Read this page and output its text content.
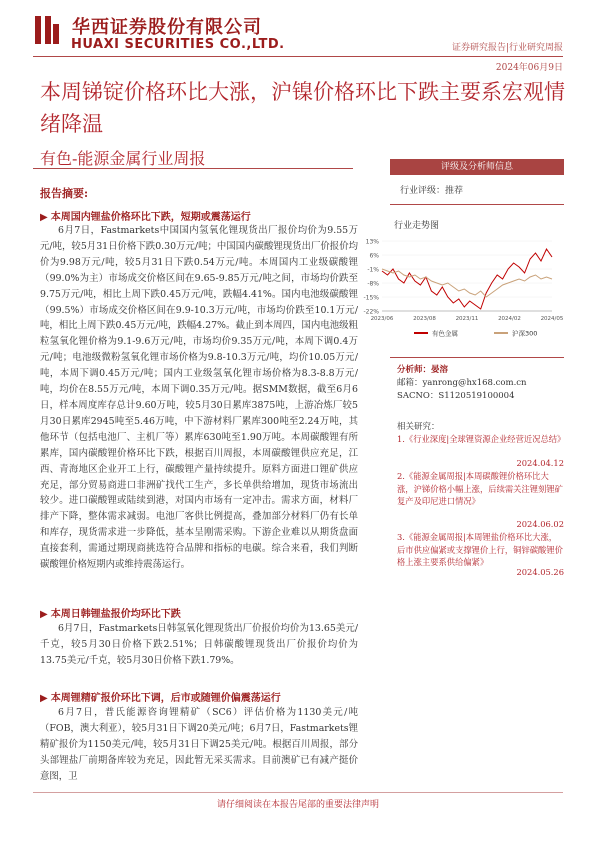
华西证券股份有限公司
HUAXI SECURITIES CO.,LTD.	证券研究报告|行业研究周报
2024年06月9日
本周锑锭价格环比大涨，沪镍价格环比下跌主要系宏观情绪降温
有色-能源金属行业周报
报告摘要:
▶ 本周国内锂盐价格环比下跌，短期或震荡运行
6月7日，Fastmarkets中国国内氢氧化锂现货出厂报价均价为9.55万元/吨，较5月31日价格下跌0.30万元/吨；中国国内碳酸锂现货出厂价报价均价为9.98万元/吨，较5月31日下跌0.54万元/吨。本周国内工业级碳酸锂（99.0%为主）市场成交价格区间在9.65-9.85万元/吨之间，市场均价跌至9.75万元/吨，相比上周下跌0.45万元/吨，跌幅4.41%。国内电池级碳酸锂（99.5%）市场成交价格区间在9.9-10.3万元/吨，市场均价跌至10.1万元/吨，相比上周下跌0.45万元/吨，跌幅4.27%。截止到本周四，国内电池级粗粒氢氧化锂价格为9.1-9.6万元/吨，市场均价9.35万元/吨，本周下调0.4万元/吨；电池级微粉氢氧化锂市场价格为9.8-10.3万元/吨，均价10.05万元/吨，本周下调0.45万元/吨；国内工业级氢氧化锂市场价格为8.3-8.8万元/吨，均价在8.55万元/吨，本周下调0.35万元/吨。据SMM数据，截至6月6日，样本周度库存总计9.60万吨，较5月30日累库3875吨，上游冶炼厂较5月30日累库2945吨至5.46万吨，中下游材料厂累库300吨至2.24万吨，其他环节（包括电池厂、主机厂等）累库630吨至1.90万吨。本周碳酸锂有所累库，国内碳酸锂价格环比下跌，根据百川周报，本周碳酸锂供应充足，江西、青海地区企业开工上行，碳酸锂产量持续提升。原料方面进口锂矿供应充足，部分贸易商进口非洲矿找代工生产，多长单供给增加，现货市场流出较少。进口碳酸锂或陆续到港，对国内市场有一定冲击。需求方面，材料厂排产下降，整体需求减弱。电池厂客供比例提高，叠加部分材料厂仍有长单和库存，现货需求进一步降低，基本呈刚需采购。下游企业难以从期货盘面直接套利，需通过期现商挑选符合品牌和指标的电碳。综合来看，我们判断碳酸锂价格短期内或维持震荡运行。
▶ 本周日韩锂盐报价均环比下跌
6月7日，Fastmarkets日韩氢氧化锂现货出厂价报价均价为13.65美元/千克，较5月30日价格下跌2.51%；日韩碳酸锂现货出厂价报价均价为13.75美元/千克，较5月30日价格下跌1.79%。
▶ 本周锂精矿报价环比下调，后市或随锂价偏震荡运行
6月7日，普氏能源咨询锂精矿（SC6）评估价格为1130美元/吨（FOB，澳大利亚），较5月31日下调20美元/吨；6月7日，Fastmarkets锂精矿报价为1150美元/吨，较5月31日下调25美元/吨。根据百川周报，部分头部锂盐厂前期备库较为充足，因此暂无采买需求。目前澳矿已有减产挺价意图，卫
评级及分析师信息
行业评级：推荐
行业走势图
13%
6%
-1%
-8%
-15%
-22%
2023/06	2023/08	2023/11	2024/02	2024/05
有色金属	沪深300
分析师：晏溶
邮箱：yanrong@hx168.com.cn
SACNO：S1120519100004
相关研究：
1.《行业深度|全球锂资源企业经营近况总结》
2024.04.12
2.《能源金属周报|本周碳酸锂价格环比大涨，沪锑价格小幅上涨，后续需关注锂刻锂矿复产及印尼进口情况》
2024.06.02
3.《能源金属周报|本周锂盐价格环比大涨，后市供应偏紧或支撑锂价上行，铜锌碳酸锂价格上涨主要系供给偏紧》
2024.05.26
请仔细阅读在本报告尾部的重要法律声明
